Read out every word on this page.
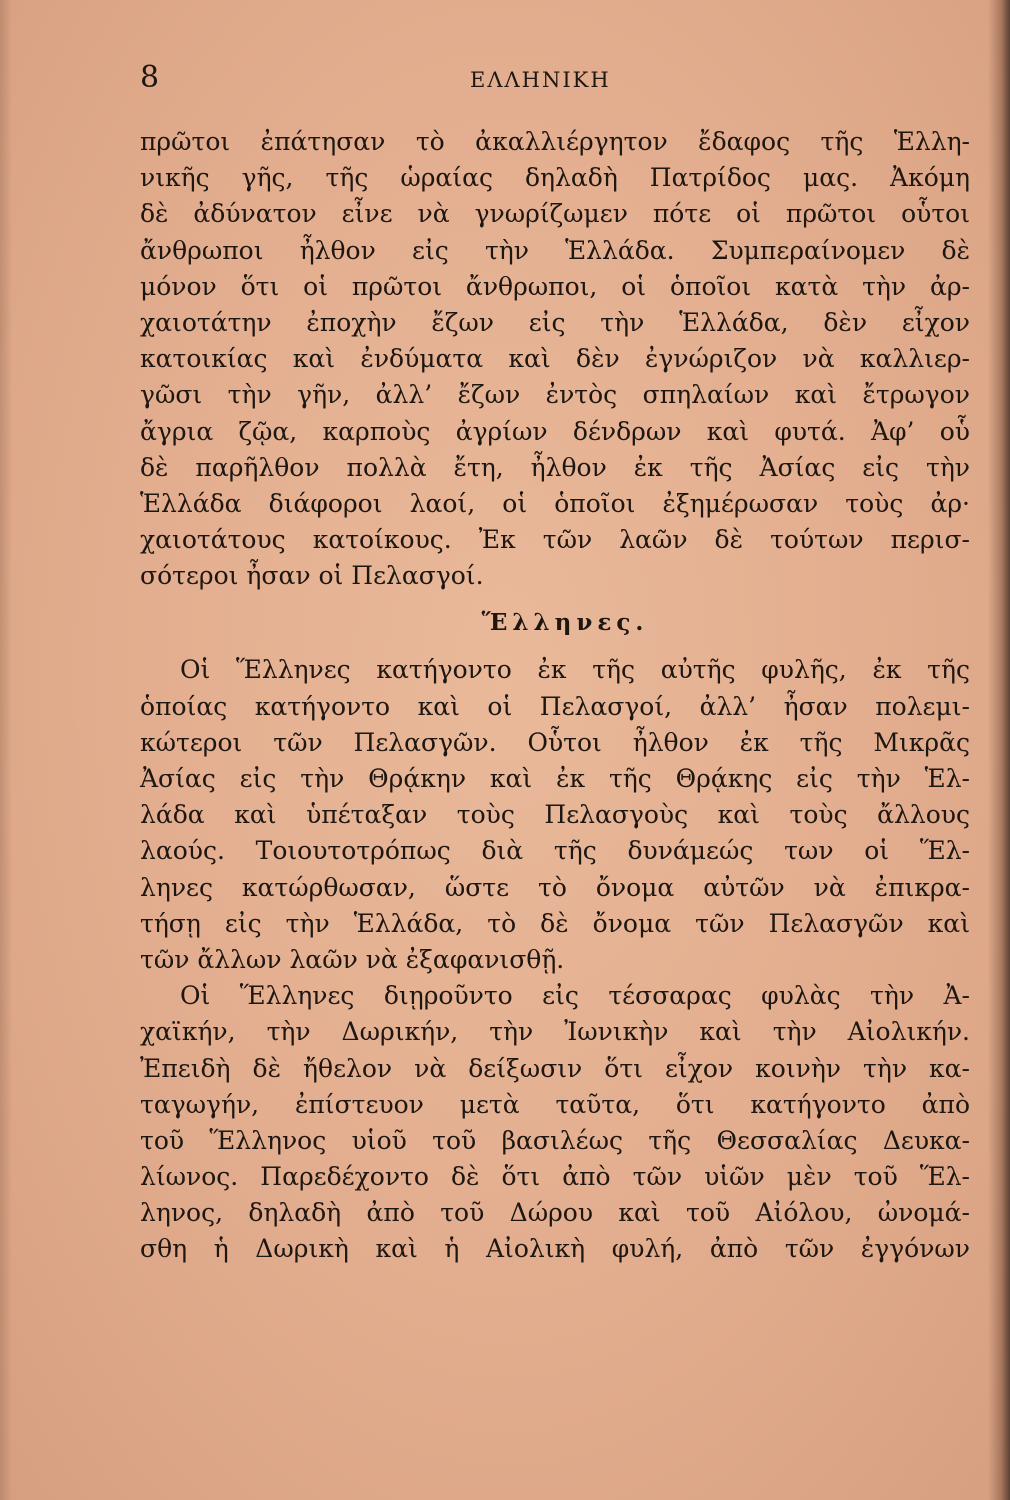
8	ΕΛΛΗΝΙΚΗ
πρῶτοι ἐπάτησαν τὸ ἀκαλλιέργητον ἔδαφος τῆς Ἑλλη-
νικῆς γῆς, τῆς ὡραίας δηλαδὴ Πατρίδος μας. Ἀκόμη
δὲ ἀδύνατον εἶνε νὰ γνωρίζωμεν πότε οἱ πρῶτοι οὗτοι
ἄνθρωποι ἦλθον εἰς τὴν Ἑλλάδα. Συμπεραίνομεν δὲ
μόνον ὅτι οἱ πρῶτοι ἄνθρωποι, οἱ ὁποῖοι κατὰ τὴν ἀρ-
χαιοτάτην ἐποχὴν ἔζων εἰς τὴν Ἑλλάδα, δὲν εἶχον
κατοικίας καὶ ἐνδύματα καὶ δὲν ἐγνώριζον νὰ καλλιερ-
γῶσι τὴν γῆν, ἀλλ’ ἔζων ἐντὸς σπηλαίων καὶ ἔτρωγον
ἄγρια ζῷα, καρποὺς ἀγρίων δένδρων καὶ φυτά. Ἀφ’ οὗ
δὲ παρῆλθον πολλὰ ἔτη, ἦλθον ἐκ τῆς Ἀσίας εἰς τὴν
Ἑλλάδα διάφοροι λαοί, οἱ ὁποῖοι ἐξημέρωσαν τοὺς ἀρ·
χαιοτάτους κατοίκους. Ἐκ τῶν λαῶν δὲ τούτων περισ-
σότεροι ἦσαν οἱ Πελασγοί.
Ἕλληνες.
Οἱ Ἕλληνες κατήγοντο ἐκ τῆς αὐτῆς φυλῆς, ἐκ τῆς
ὁποίας κατήγοντο καὶ οἱ Πελασγοί, ἀλλ’ ἦσαν πολεμι-
κώτεροι τῶν Πελασγῶν. Οὗτοι ἦλθον ἐκ τῆς Μικρᾶς
Ἀσίας εἰς τὴν Θρᾴκην καὶ ἐκ τῆς Θρᾴκης εἰς τὴν Ἑλ-
λάδα καὶ ὑπέταξαν τοὺς Πελασγοὺς καὶ τοὺς ἄλλους
λαούς. Τοιουτοτρόπως διὰ τῆς δυνάμεώς των οἱ Ἕλ-
ληνες κατώρθωσαν, ὥστε τὸ ὄνομα αὐτῶν νὰ ἐπικρα-
τήσῃ εἰς τὴν Ἑλλάδα, τὸ δὲ ὄνομα τῶν Πελασγῶν καὶ
τῶν ἄλλων λαῶν νὰ ἐξαφανισθῇ.
Οἱ Ἕλληνες διῃροῦντο εἰς τέσσαρας φυλὰς τὴν Ἀ-
χαϊκήν, τὴν Δωρικήν, τὴν Ἰωνικὴν καὶ τὴν Αἰολικήν.
Ἐπειδὴ δὲ ἤθελον νὰ δείξωσιν ὅτι εἶχον κοινὴν τὴν κα-
ταγωγήν, ἐπίστευον μετὰ ταῦτα, ὅτι κατήγοντο ἀπὸ
τοῦ Ἕλληνος υἱοῦ τοῦ βασιλέως τῆς Θεσσαλίας Δευκα-
λίωνος. Παρεδέχοντο δὲ ὅτι ἀπὸ τῶν υἱῶν μὲν τοῦ Ἕλ-
ληνος, δηλαδὴ ἀπὸ τοῦ Δώρου καὶ τοῦ Αἰόλου, ὠνομά-
σθη ἡ Δωρικὴ καὶ ἡ Αἰολικὴ φυλή, ἀπὸ τῶν ἐγγόνων
